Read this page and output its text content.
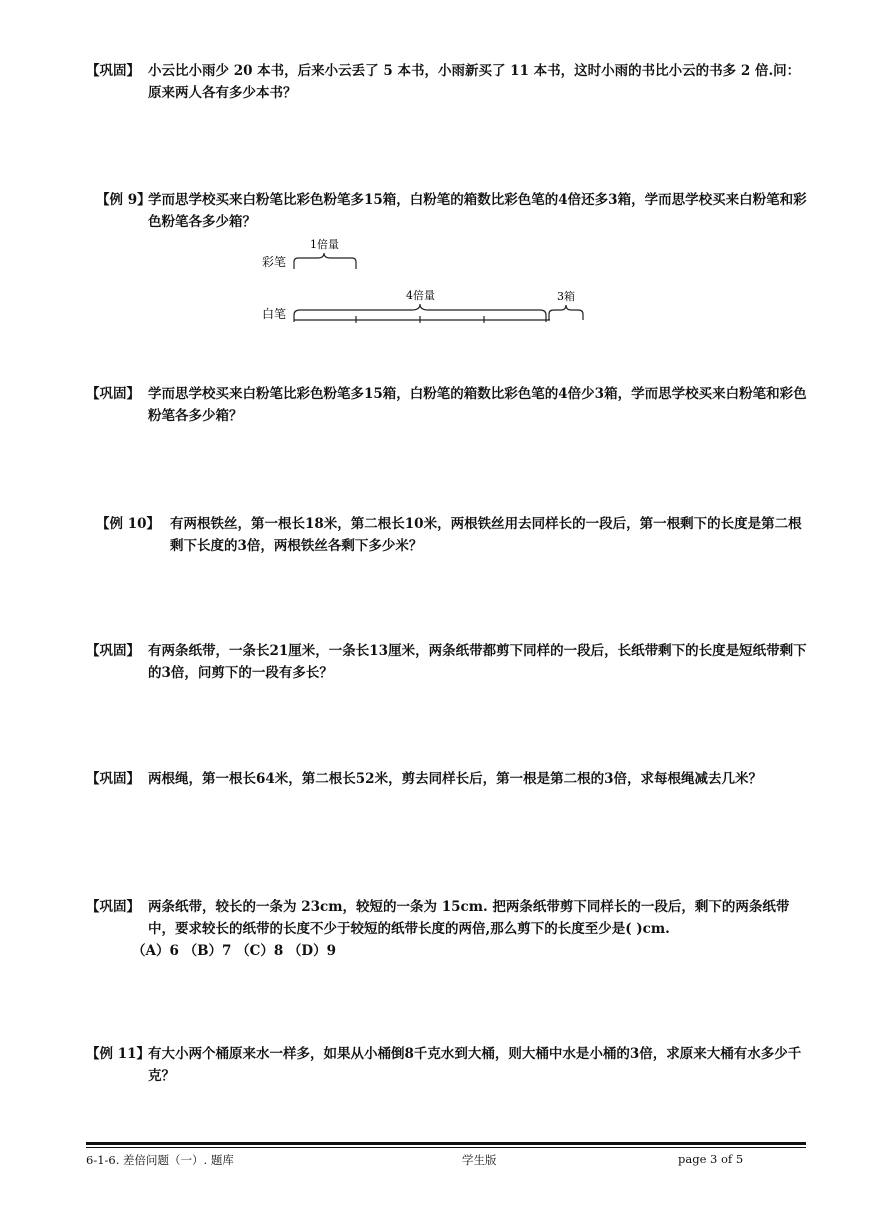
【巩固】 小云比小雨少 20 本书，后来小云丢了 5 本书，小雨新买了 11 本书，这时小雨的书比小云的书多 2 倍.问：原来两人各有多少本书？
【例 9】
学而思学校买来白粉笔比彩色粉笔多15箱，白粉笔的箱数比彩色笔的4倍还多3箱，学而思学校买来白粉笔和彩色粉笔各多少箱？
彩笔
1倍量
白笔
4倍量	3箱
【巩固】 学而思学校买来白粉笔比彩色粉笔多15箱，白粉笔的箱数比彩色笔的4倍少3箱，学而思学校买来白粉笔和彩色粉笔各多少箱？
【例 10】 有两根铁丝，第一根长18米，第二根长10米，两根铁丝用去同样长的一段后，第一根剩下的长度是第二根剩下长度的3倍，两根铁丝各剩下多少米？
【巩固】 有两条纸带，一条长21厘米，一条长13厘米，两条纸带都剪下同样的一段后，长纸带剩下的长度是短纸带剩下的3倍，问剪下的一段有多长？
【巩固】 两根绳，第一根长64米，第二根长52米，剪去同样长后，第一根是第二根的3倍，求每根绳减去几米？
【巩固】 两条纸带，较长的一条为 23cm，较短的一条为 15cm. 把两条纸带剪下同样长的一段后，剩下的两条纸带中，要求较长的纸带的长度不少于较短的纸带长度的两倍,那么剪下的长度至少是( )cm.
（A）6 （B）7 （C）8 （D）9
【例 11】
有大小两个桶原来水一样多，如果从小桶倒8千克水到大桶，则大桶中水是小桶的3倍，求原来大桶有水多少千克？
6-1-6. 差倍问题（一）. 题库	学生版	page 3 of 5
